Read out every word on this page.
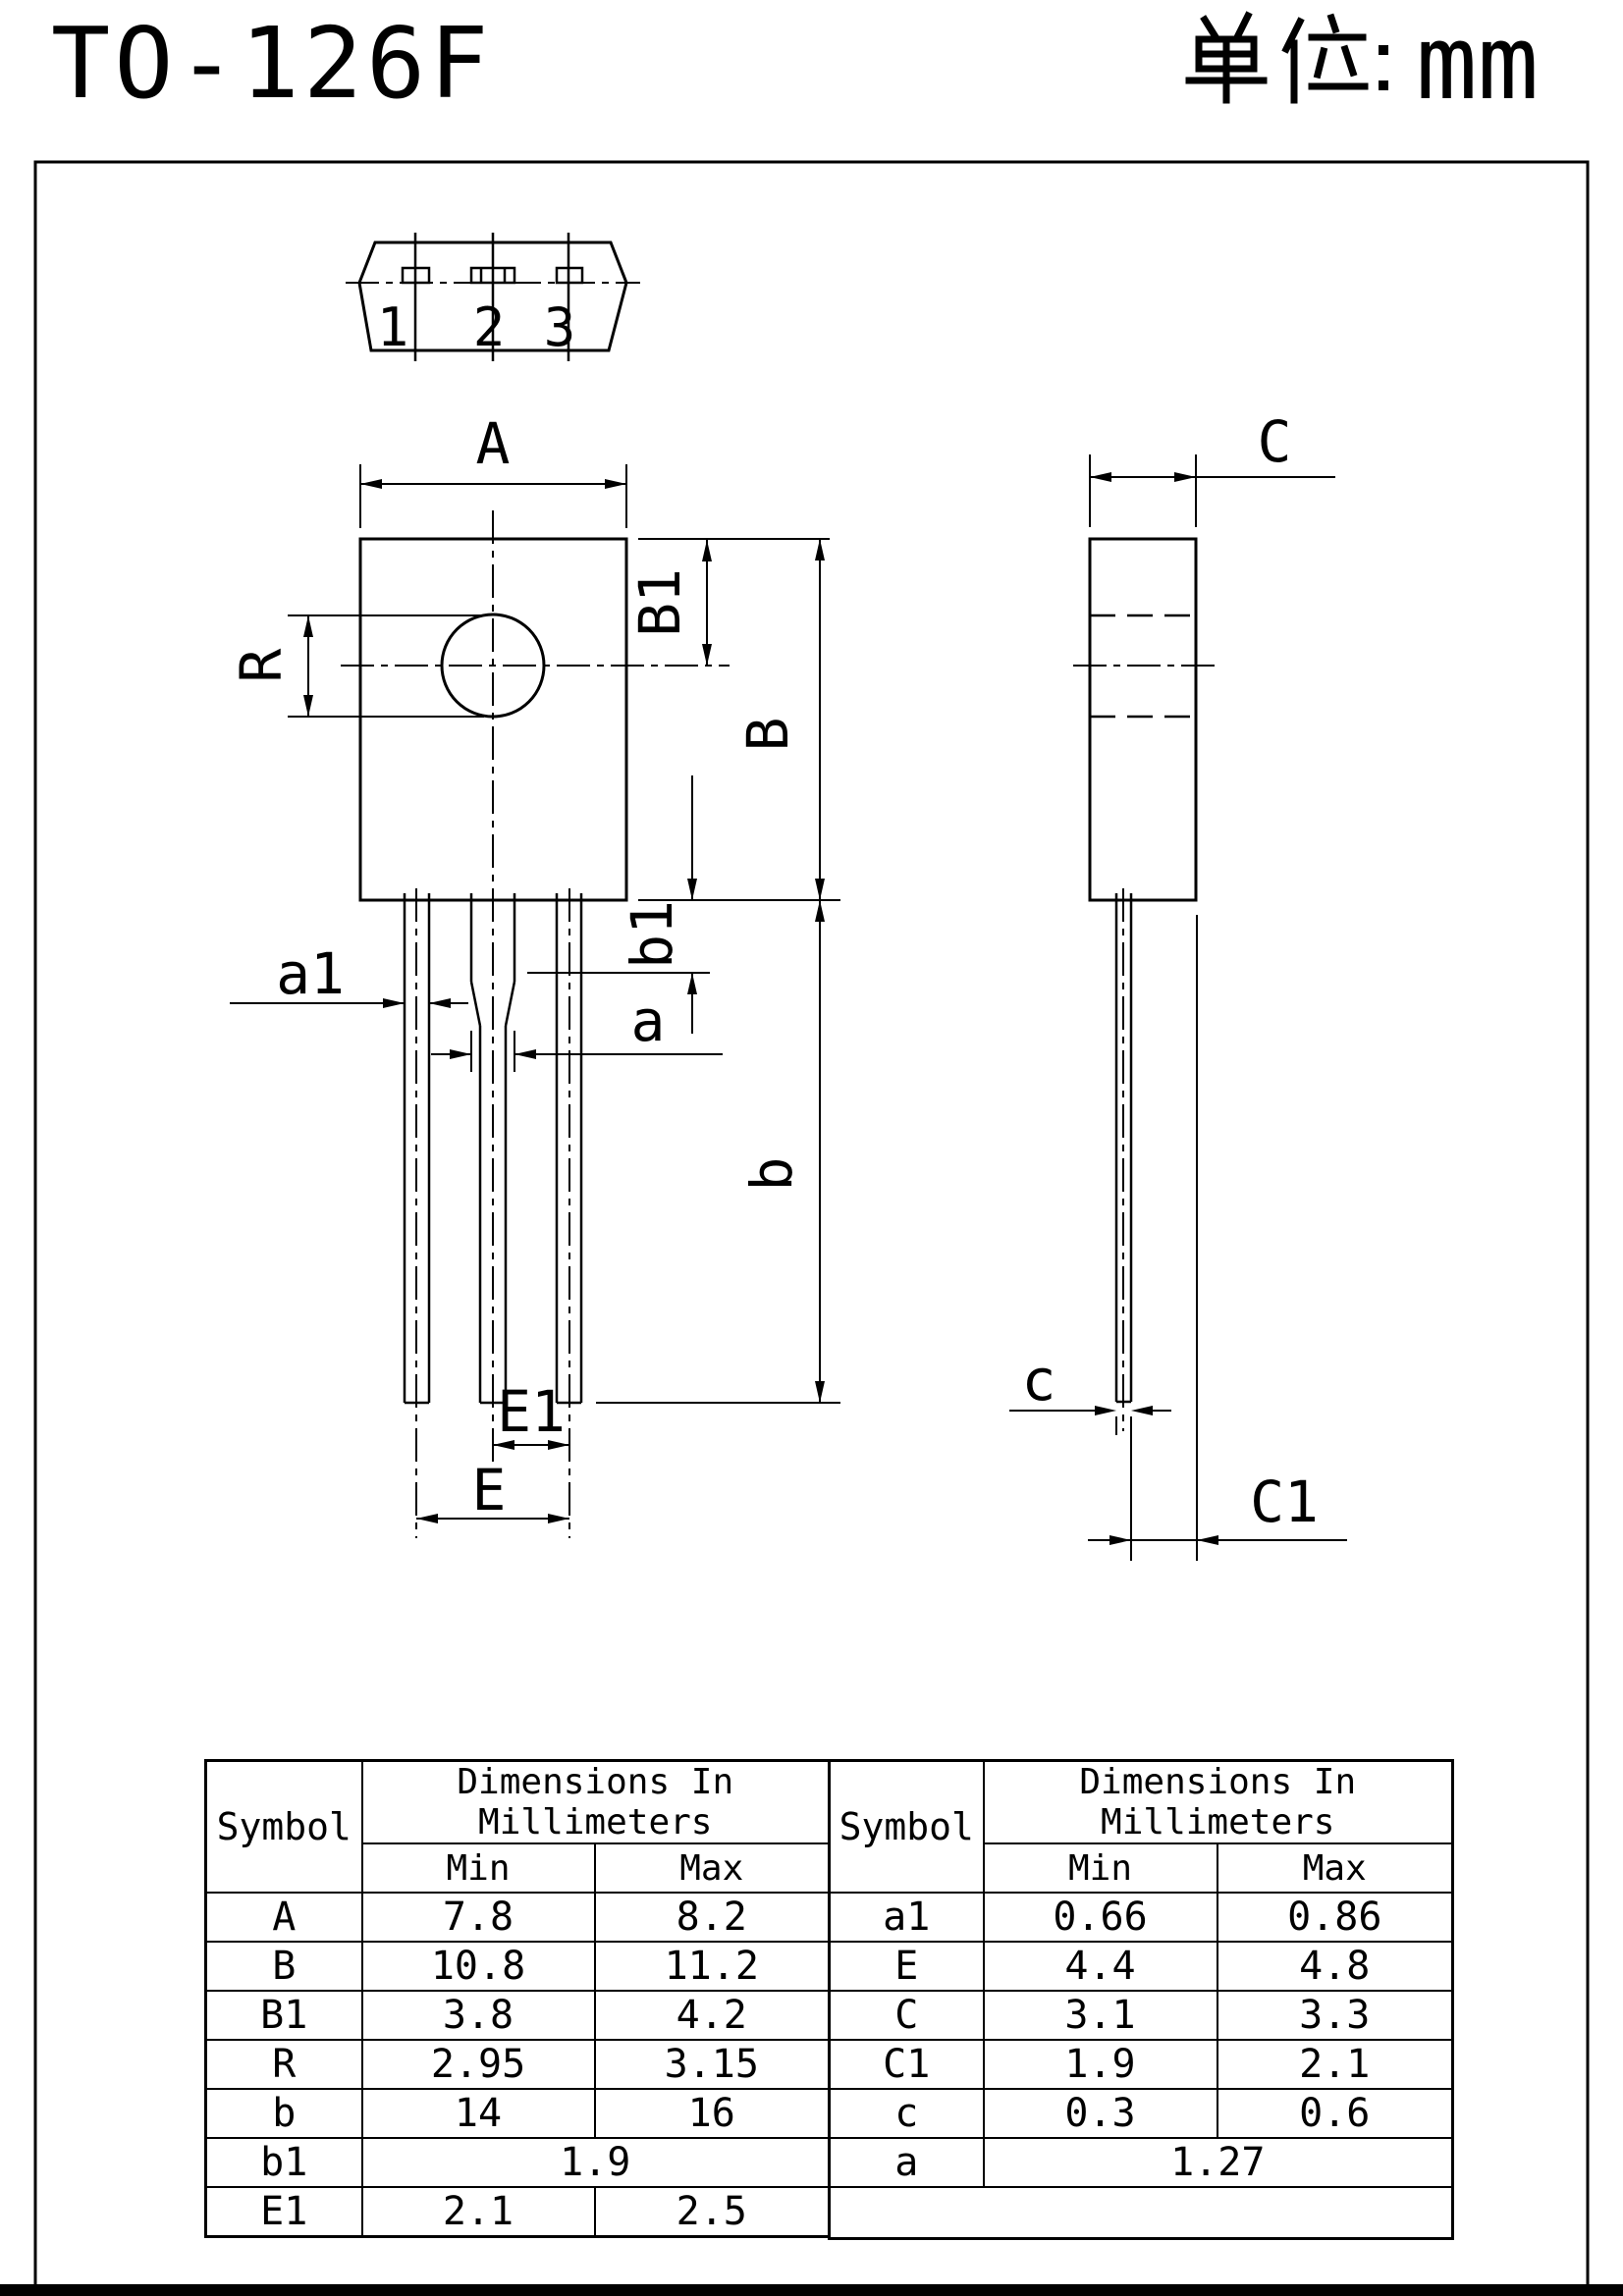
TO-126F	mm
1 2 3
A
R
B1
B
b1
a1
a
b
E1
E
C
c
C1
Symbol	Dimensions In Millimeters	
	Min	Max
A	7.8	8.2
B	10.8	11.2
B1	3.8	4.2
R	2.95	3.15
b	14	16
b1	1.9	
E1	2.1	2.5
Symbol	Dimensions In Millimeters	
	Min	Max
a1	0.66	0.86
E	4.4	4.8
C	3.1	3.3
C1	1.9	2.1
c	0.3	0.6
a	1.27	
